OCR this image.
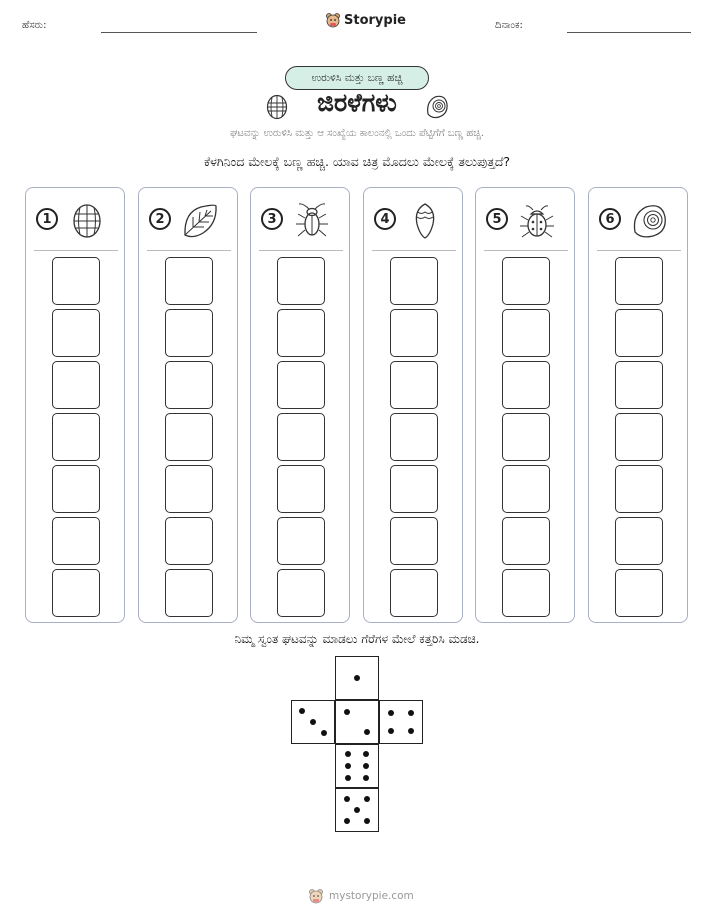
ಹೆಸರು:	Storypie	ದಿನಾಂಕ:
ಉರುಳಿಸಿ ಮತ್ತು ಬಣ್ಣ ಹಚ್ಚಿ
ಜಿರಳೆಗಳು
ಘಟವನ್ನು ಉರುಳಿಸಿ ಮತ್ತು ಆ ಸಂಖ್ಯೆಯ ಕಾಲಂನಲ್ಲಿ ಒಂದು ಪೆಟ್ಟಿಗೆಗೆ ಬಣ್ಣ ಹಚ್ಚಿ.
ಕೆಳಗಿನಿಂದ ಮೇಲಕ್ಕೆ ಬಣ್ಣ ಹಚ್ಚಿ. ಯಾವ ಚಿತ್ರ ಮೊದಲು ಮೇಲಕ್ಕೆ ತಲುಪುತ್ತದೆ?
1	2	3	4	5	6
ನಿಮ್ಮ ಸ್ವಂತ ಘಟವನ್ನು ಮಾಡಲು ಗೆರೆಗಳ ಮೇಲೆ ಕತ್ತರಿಸಿ ಮಡಚಿ.
mystorypie.com
